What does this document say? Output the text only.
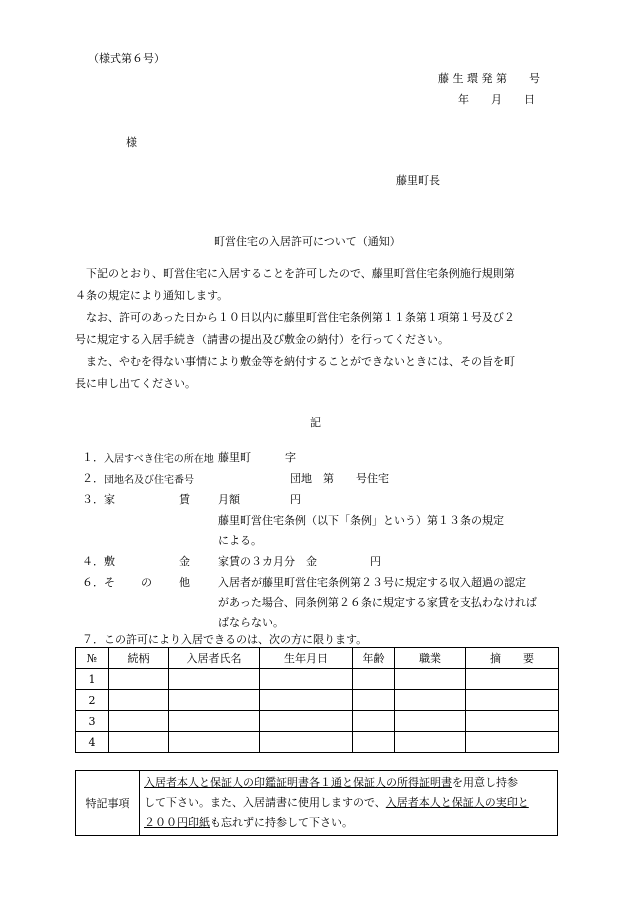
（様式第６号）
藤 生 環 発 第　　号
年　　月　　日
様
藤里町長
町営住宅の入居許可について（通知）

　下記のとおり、町営住宅に入居することを許可したので、藤里町営住宅条例施行規則第

４条の規定により通知します。

　なお、許可のあった日から１０日以内に藤里町営住宅条例第１１条第１項第１号及び２

号に規定する入居手続き（請書の提出及び敷金の納付）を行ってください。

　また、やむを得ない事情により敷金等を納付することができないときには、その旨を町

長に申し出てください。

記
１． 入居すべき住宅の所在地 藤里町	字
２． 団地名及び住宅番号	団地　第　　号住宅
３． 家	賃	月額	円
藤里町営住宅条例（以下「条例」という）第１３条の規定
による。
４． 敷	金	家賃の３カ月分　金	円
６． そ の 他	入居者が藤里町営住宅条例第２３号に規定する収入超過の認定
があった場合、同条例第２６条に規定する家賃を支払わなければ
ばならない。
７．この許可により入居できるのは、次の方に限ります。
№	続柄	入居者氏名	生年月日	年齢	職業	摘　　要
1						
2						
3						
4						
特記事項	
入居者本人と保証人の印鑑証明書各１通と保証人の所得証明書を用意し持参
して下さい。また、入居請書に使用しますので、入居者本人と保証人の実印と
２００円印紙も忘れずに持参して下さい。
